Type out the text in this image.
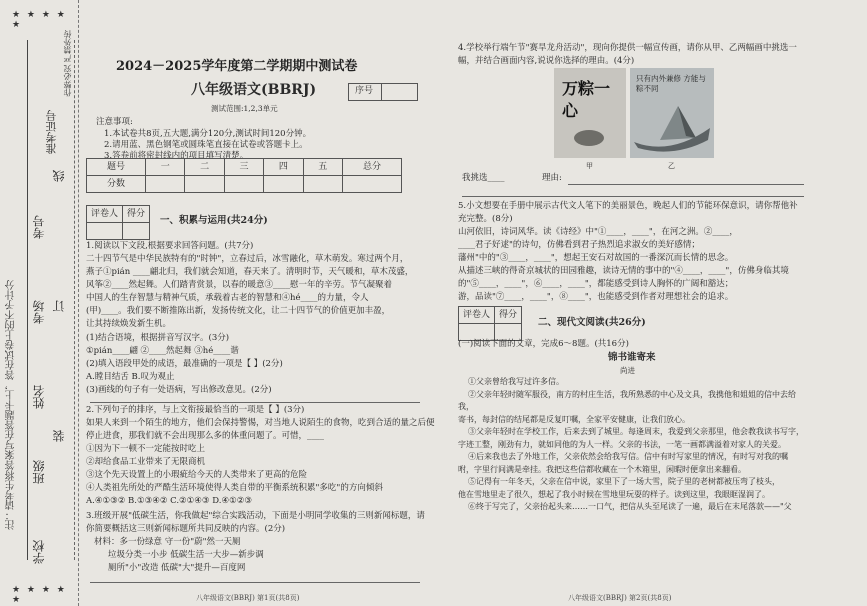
★ ★ ★ ★ ★
注：请考生将答案写在答题卡上，答在试卷上的不予计分
学校
班级
姓名
考场
考号
装
订
线
准考证号
作弊必究 严禁外传
★ ★ ★ ★ ★
2024－2025学年度第二学期期中测试卷
八年级语文(BBRJ)	序号
测试范围:1,2,3单元
注意事项:
1.本试卷共8页,五大题,满分120分,测试时间120分钟。
2.请用蓝、黑色钢笔或圆珠笔直接在试卷或答题卡上。
3.答卷前将密封线内的项目填写清楚。
题号	一	二	三	四	五	总分
分数						
评卷人	得分

一、积累与运用(共24分)
1.阅读以下文段,根据要求回答问题。(共7分)

二十四节气是中华民族特有的"时钟"，立春过后，冰雪融化，草木萌发。寒过两个月，

燕子①pián ____翩北归，我们就会知道，春天来了。清明时节，天气暖和，草木茂盛，

风筝②____然起舞。人们踏青赏景，以春的暖意③____慰一年的辛劳。节气凝聚着

中国人的生存智慧与精神气质，承载着古老的智慧和④hé____的力量，令人

(甲)____。我们要不断推陈出新，发扬传统文化，让二十四节气的价值更加丰盈，

让其持续焕发新生机。

(1)结合语境，根据拼音写汉字。(3分)

①pián____翩 ②____然起舞 ③hé____谐

(2)填入语段甲处的成语，最准确的一项是【 】(2分)

A.瞠目结舌 B.叹为观止

(3)画线的句子有一处语病，写出修改意见。(2分)

2.下列句子的排序，与上文衔接最恰当的一项是【 】(3分)

如果人来到一个陌生的地方，他们会保持警惕，对当地人说陌生的食物，吃到合适的量之后便

停止进食，那我们就不会出现那么多的体重问题了。可惜，____

①因为下一顿不一定能按时吃上

②却给食品工业带来了无限商机

③这个先天设置上的小瑕疵给今天的人类带来了更高的危险

④人类祖先所处的严酷生活环境使得人类自带的平衡系统积累"多吃"的方向倾斜

A.④①③② B.①③④② C.②①④③ D.④①②③

3.班级开展"低碳生活，你我做起"综合实践活动，下面是小明同学收集的三则新闻标题，请

你简要概括这三则新闻标题所共同反映的内容。(2分)

材料：多一份绿意 守一份"蔚"然一天厕

垃圾分类一小步 低碳生活一大步—新步调

厕所"小"改造 低碳"大"提升—百度网

八年级语文(BBRJ) 第1页(共8页)
4.学校举行端午节"赛旱龙舟活动"，现向你提供一幅宣传画，请你从甲、乙两幅画中挑选一幅，并结合画面内容,说说你选择的理由。(4分)
万粽一心
甲
只有内外兼修 方能与粽不同
乙
我挑选____	理由:
5.小文想要在手册中展示古代文人笔下的美丽景色，晚起人们的节能环保意识，请你帮他补充完整。(8分)

山河依旧，诗词风华。读《诗经》中"①____，____"，在河之洲。②____，

____君子好逑"的诗句，仿佛看到君子热烈追求淑女的美好感情；

藩州"中的"③____，____"，想起王安石对故国的一番深沉而长情的思念。

从描述三峡的得奇京城状的田园雅趣，读诗无情的事中的"④____，____"，仿佛身临其境

的"⑤____，____"，⑥____，____"，都能感受到诗人胸怀的广阔和豁达；

游，品读"⑦____，____"，⑧____"，也能感受到作者对理想社会的追求。

评卷人	得分

二、现代文阅读(共26分)
(一)阅读下面的文章，完成6～8题。(共16分)
锦书谁寄来
尚进

①父亲曾给我写过许多信。

②父亲年轻时随军服役，南方的村庄生活，我所熟悉的中心及文具，我携他和姐姐的信中去给我，

寄书，每封信的结尾都是反复叮嘱，全家平安健康，让我们放心。

③父亲年轻时在学校工作，后来去到了城里。每逢周末，我爱到父亲那里，他会教我读书写字，

字迹工整，刚劲有力，就如同他的为人一样。父亲的书法，一笔一画都满溢着对家人的关爱。

④后来我也去了外地工作，父亲依然会给我写信。信中有时写家里的情况，有时写对我的嘱

咐，字里行间满是牵挂。我把这些信都收藏在一个木箱里，闲暇时便拿出来翻看。

⑤记得有一年冬天，父亲在信中说，家里下了一场大雪，院子里的老树都被压弯了枝头，

他在雪地里走了很久，想起了我小时候在雪地里玩耍的样子。读到这里，我眼眶湿润了。

⑥终于写完了，父亲抬起头来……一口气，把信从头至尾读了一遍，最后在末尾落款——"父

八年级语文(BBRJ) 第2页(共8页)
